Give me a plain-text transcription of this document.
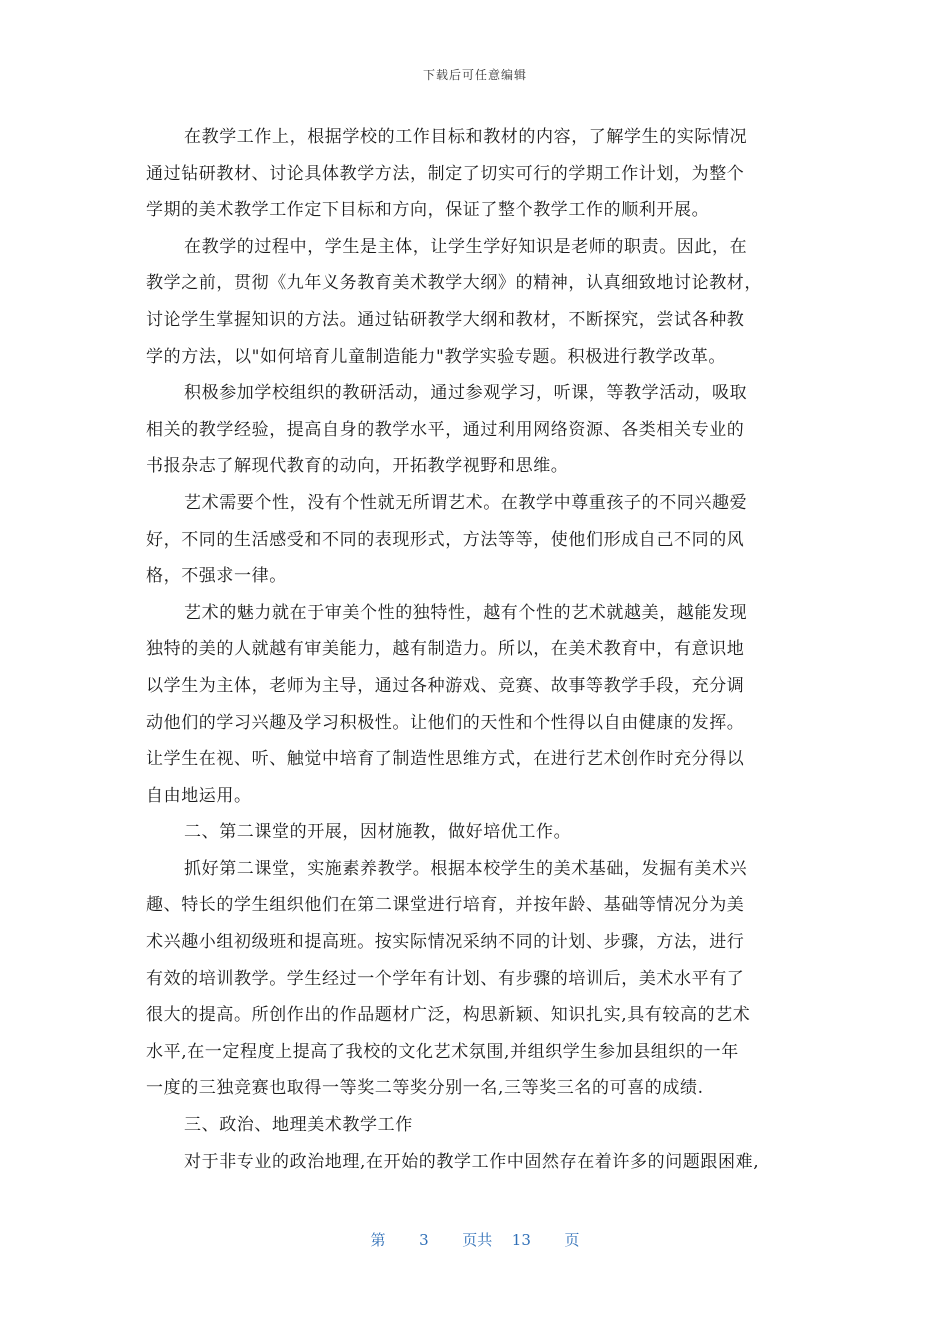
下载后可任意编辑
在教学工作上，根据学校的工作目标和教材的内容，了解学生的实际情况
通过钻研教材、讨论具体教学方法，制定了切实可行的学期工作计划，为整个
学期的美术教学工作定下目标和方向，保证了整个教学工作的顺利开展。
在教学的过程中，学生是主体，让学生学好知识是老师的职责。因此，在
教学之前，贯彻《九年义务教育美术教学大纲》的精神，认真细致地讨论教材，
讨论学生掌握知识的方法。通过钻研教学大纲和教材，不断探究，尝试各种教
学的方法，以"如何培育儿童制造能力"教学实验专题。积极进行教学改革。
积极参加学校组织的教研活动，通过参观学习，听课，等教学活动，吸取
相关的教学经验，提高自身的教学水平，通过利用网络资源、各类相关专业的
书报杂志了解现代教育的动向，开拓教学视野和思维。
艺术需要个性，没有个性就无所谓艺术。在教学中尊重孩子的不同兴趣爱
好，不同的生活感受和不同的表现形式，方法等等，使他们形成自己不同的风
格，不强求一律。
艺术的魅力就在于审美个性的独特性，越有个性的艺术就越美，越能发现
独特的美的人就越有审美能力，越有制造力。所以，在美术教育中，有意识地
以学生为主体，老师为主导，通过各种游戏、竞赛、故事等教学手段，充分调
动他们的学习兴趣及学习积极性。让他们的天性和个性得以自由健康的发挥。
让学生在视、听、触觉中培育了制造性思维方式，在进行艺术创作时充分得以
自由地运用。
二、第二课堂的开展，因材施教，做好培优工作。
抓好第二课堂，实施素养教学。根据本校学生的美术基础，发掘有美术兴
趣、特长的学生组织他们在第二课堂进行培育，并按年龄、基础等情况分为美
术兴趣小组初级班和提高班。按实际情况采纳不同的计划、步骤，方法，进行
有效的培训教学。学生经过一个学年有计划、有步骤的培训后，美术水平有了
很大的提高。所创作出的作品题材广泛，构思新颖、知识扎实,具有较高的艺术
水平,在一定程度上提高了我校的文化艺术氛围,并组织学生参加县组织的一年
一度的三独竞赛也取得一等奖二等奖分别一名,三等奖三名的可喜的成绩.
三、政治、地理美术教学工作
对于非专业的政治地理,在开始的教学工作中固然存在着许多的问题跟困难,
第 3 页共 13 页
